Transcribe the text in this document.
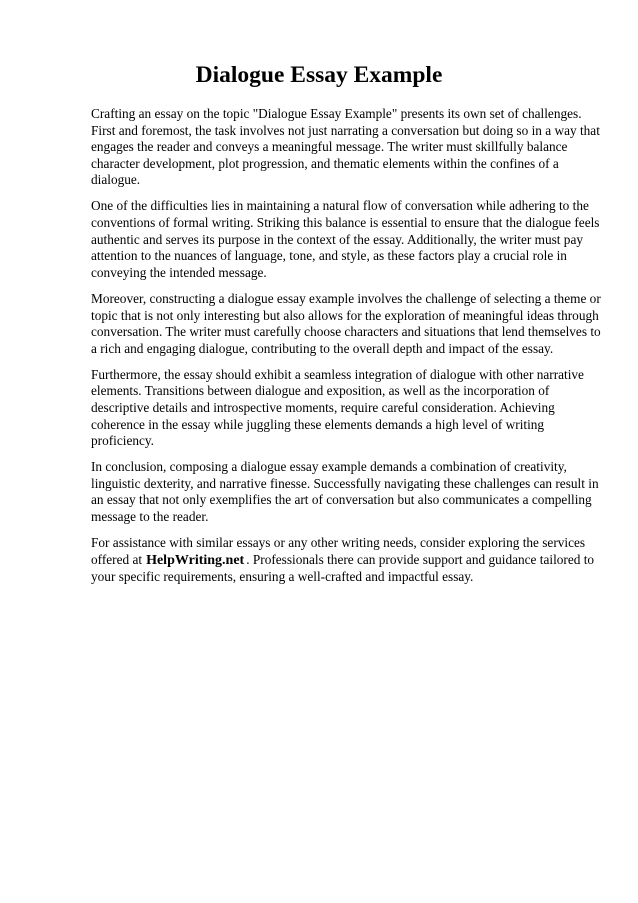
Dialogue Essay Example

Crafting an essay on the topic "Dialogue Essay Example" presents its own set of challenges. First and foremost, the task involves not just narrating a conversation but doing so in a way that engages the reader and conveys a meaningful message. The writer must skillfully balance character development, plot progression, and thematic elements within the confines of a dialogue.

One of the difficulties lies in maintaining a natural flow of conversation while adhering to the conventions of formal writing. Striking this balance is essential to ensure that the dialogue feels authentic and serves its purpose in the context of the essay. Additionally, the writer must pay attention to the nuances of language, tone, and style, as these factors play a crucial role in conveying the intended message.

Moreover, constructing a dialogue essay example involves the challenge of selecting a theme or topic that is not only interesting but also allows for the exploration of meaningful ideas through conversation. The writer must carefully choose characters and situations that lend themselves to a rich and engaging dialogue, contributing to the overall depth and impact of the essay.

Furthermore, the essay should exhibit a seamless integration of dialogue with other narrative elements. Transitions between dialogue and exposition, as well as the incorporation of descriptive details and introspective moments, require careful consideration. Achieving coherence in the essay while juggling these elements demands a high level of writing proficiency.

In conclusion, composing a dialogue essay example demands a combination of creativity, linguistic dexterity, and narrative finesse. Successfully navigating these challenges can result in an essay that not only exemplifies the art of conversation but also communicates a compelling message to the reader.

For assistance with similar essays or any other writing needs, consider exploring the services offered at HelpWriting.net . Professionals there can provide support and guidance tailored to your specific requirements, ensuring a well-crafted and impactful essay.
